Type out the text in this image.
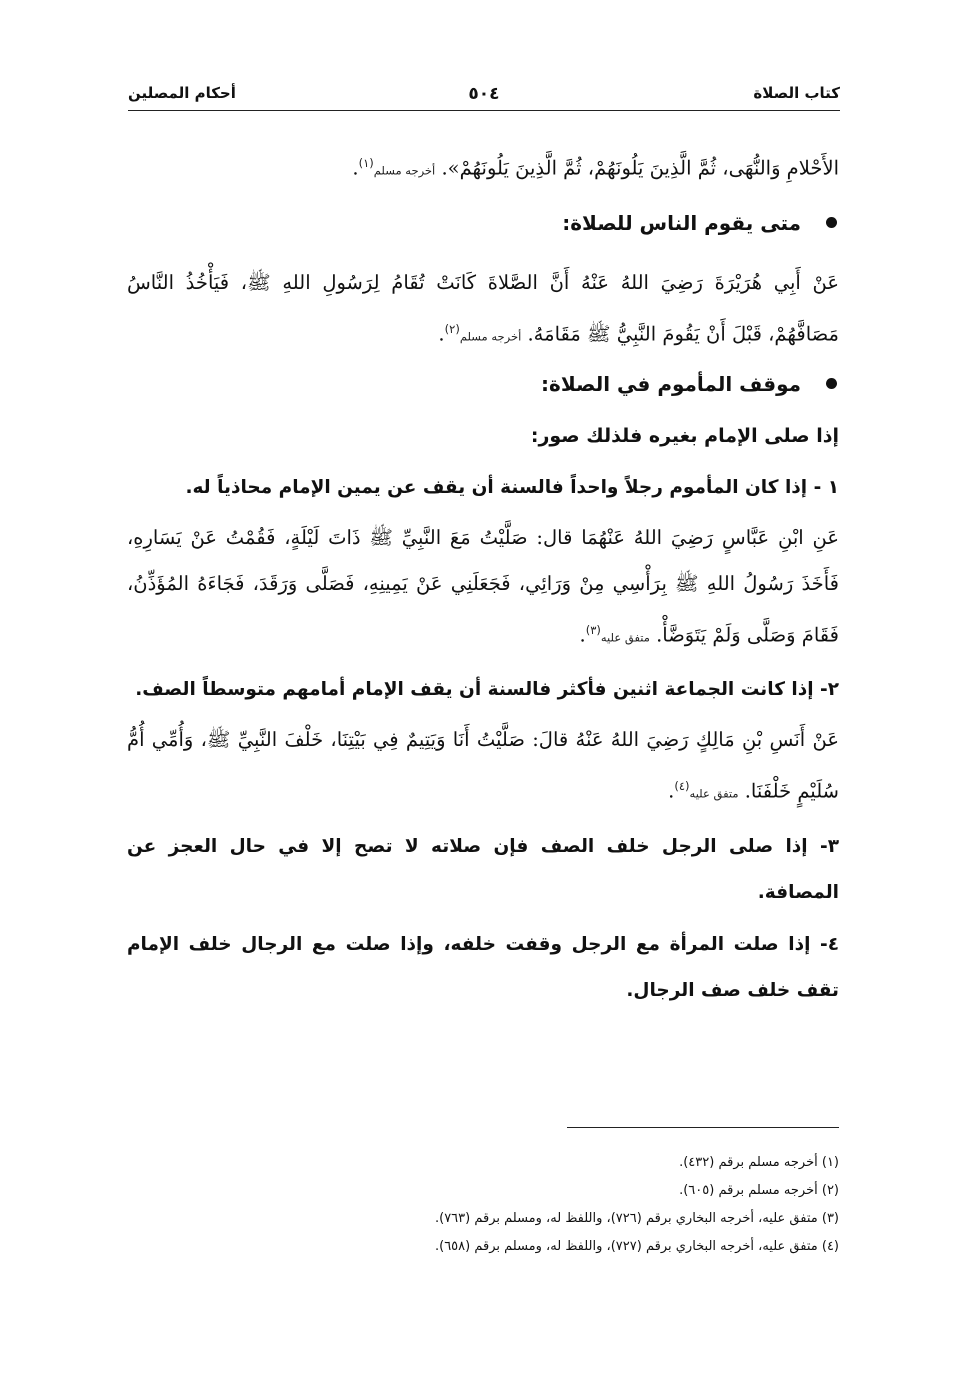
كتاب الصلاة
٥٠٤
أحكام المصلين

الأَحْلامِ وَالنُّهَى، ثُمَّ الَّذِينَ يَلُونَهُمْ، ثُمَّ الَّذِينَ يَلُونَهُمْ». أخرجه مسلم$^{(١)}$.

متى يقوم الناس للصلاة:

عَنْ أَبِي هُرَيْرَةَ رَضِيَ اللهُ عَنْهُ أَنَّ الصَّلاةَ كَانَتْ تُقَامُ لِرَسُولِ اللهِ ﷺ، فَيَأْخُذُ النَّاسُ مَصَافَّهُمْ، قَبْلَ أَنْ يَقُومَ النَّبِيُّ ﷺ مَقَامَهُ. أخرجه مسلم$^{(٢)}$.

موقف المأموم في الصلاة:

إذا صلى الإمام بغيره فلذلك صور:

١ - إذا كان المأموم رجلاً واحداً فالسنة أن يقف عن يمين الإمام محاذياً له.

عَنِ ابْنِ عَبَّاسٍ رَضِيَ اللهُ عَنْهُمَا قال: صَلَّيْتُ مَعَ النَّبِيِّ ﷺ ذَاتَ لَيْلَةٍ، فَقُمْتُ عَنْ يَسَارِهِ، فَأَخَذَ رَسُولُ اللهِ ﷺ بِرَأْسِي مِنْ وَرَائِي، فَجَعَلَنِي عَنْ يَمِينِهِ، فَصَلَّى وَرَقَدَ، فَجَاءَهُ المُؤَذِّنُ، فَقَامَ وَصَلَّى وَلَمْ يَتَوَضَّأْ. متفق عليه$^{(٣)}$.

٢- إذا كانت الجماعة اثنين فأكثر فالسنة أن يقف الإمام أمامهم متوسطاً الصف.

عَنْ أَنَسِ بْنِ مَالِكٍ رَضِيَ اللهُ عَنْهُ قالَ: صَلَّيْتُ أَنَا وَيَتِيمٌ فِي بَيْتِنَا، خَلْفَ النَّبِيِّ ﷺ، وَأُمِّي أُمُّ سُلَيْمٍ خَلْفَنَا. متفق عليه$^{(٤)}$.

٣- إذا صلى الرجل خلف الصف فإن صلاته لا تصح إلا في حال العجز عن المصافة.

٤- إذا صلت المرأة مع الرجل وقفت خلفه، وإذا صلت مع الرجال خلف الإمام تقف خلف صف الرجال.

(١) أخرجه مسلم برقم (٤٣٢).

(٢) أخرجه مسلم برقم (٦٠٥).

(٣) متفق عليه، أخرجه البخاري برقم (٧٢٦)، واللفظ له، ومسلم برقم (٧٦٣).

(٤) متفق عليه، أخرجه البخاري برقم (٧٢٧)، واللفظ له، ومسلم برقم (٦٥٨).
